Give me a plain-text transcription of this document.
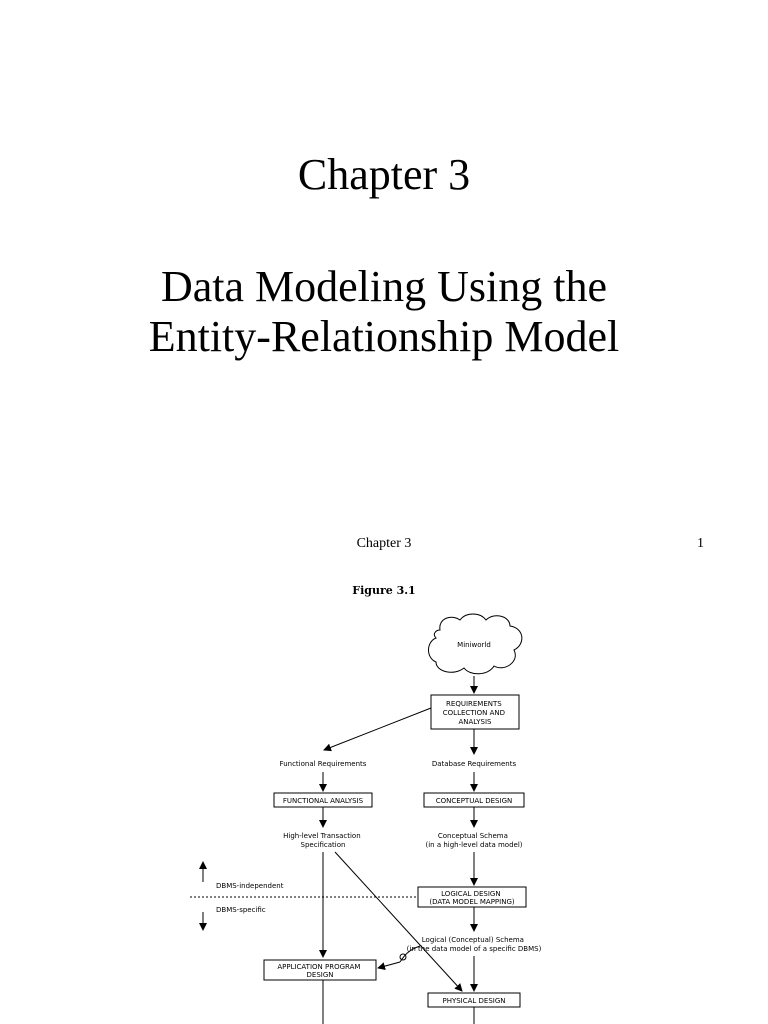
Chapter 3
Data Modeling Using the
Entity-Relationship Model
Chapter 3	1
Figure 3.1
Miniworld
REQUIREMENTS COLLECTION AND ANALYSIS
Functional Requirements	Database Requirements
FUNCTIONAL ANALYSIS	CONCEPTUAL DESIGN
High-level Transaction Specification
Conceptual Schema (in a high-level data model)
DBMS-independent
DBMS-specific
LOGICAL DESIGN (DATA MODEL MAPPING)
Logical (Conceptual) Schema (in the data model of a specific DBMS)
APPLICATION PROGRAM DESIGN
PHYSICAL DESIGN
